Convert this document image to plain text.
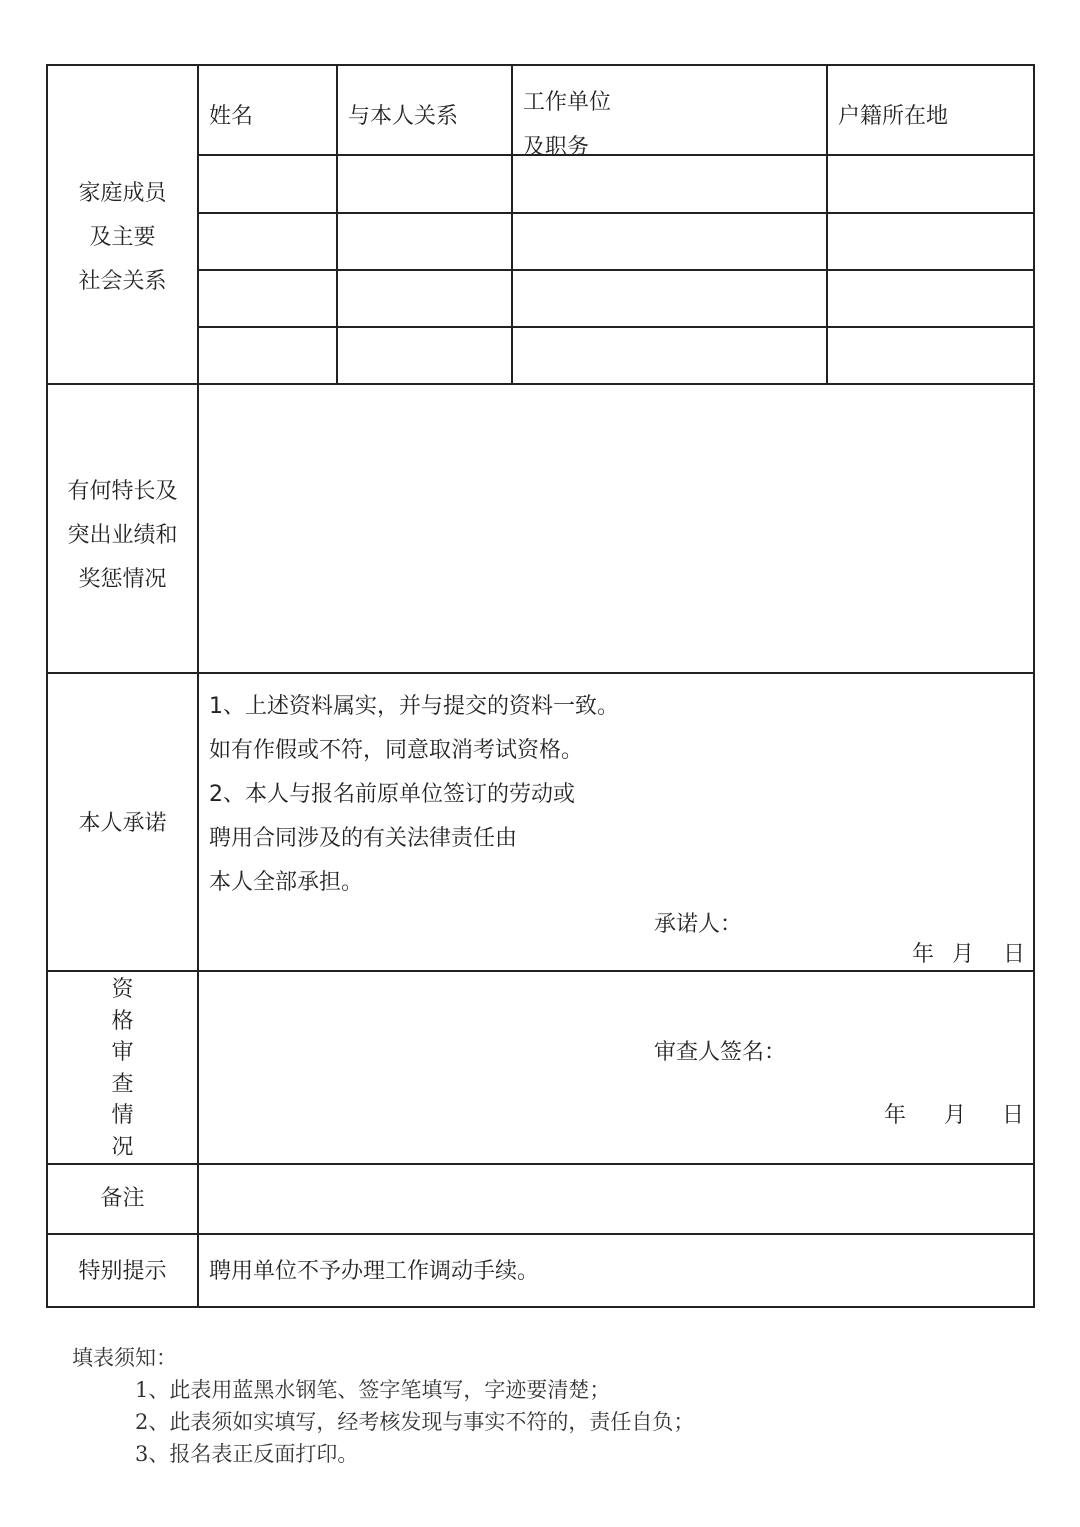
家庭成员
及主要
社会关系
姓名	与本人关系
工作单位
及职务
户籍所在地
有何特长及
突出业绩和
奖惩情况
本人承诺
1、上述资料属实，并与提交的资料一致。
如有作假或不符，同意取消考试资格。
2、本人与报名前原单位签订的劳动或
聘用合同涉及的有关法律责任由
本人全部承担。
承诺人：
年 月 日
资
格
审
查
情
况
审查人签名：
年 月 日
备注
特别提示	聘用单位不予办理工作调动手续。
填表须知：
1、此表用蓝黑水钢笔、签字笔填写，字迹要清楚；
2、此表须如实填写，经考核发现与事实不符的，责任自负；
3、报名表正反面打印。
